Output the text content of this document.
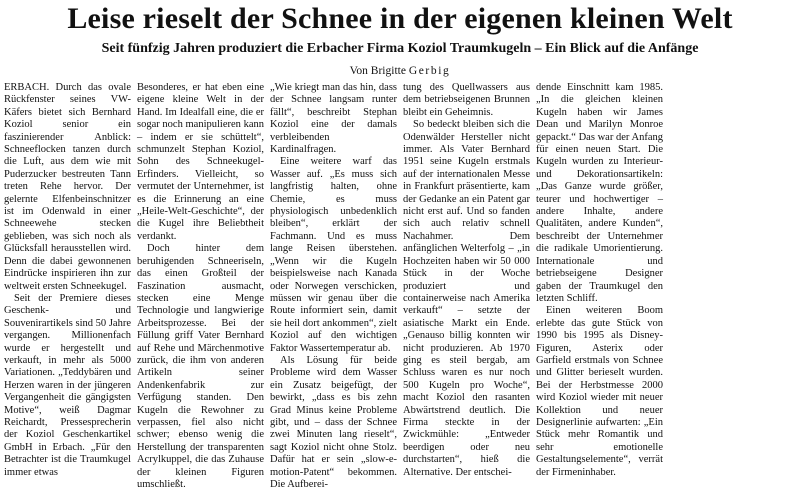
Leise rieselt der Schnee in der eigenen kleinen Welt
Seit fünfzig Jahren produziert die Erbacher Firma Koziol Traumkugeln – Ein Blick auf die Anfänge
Von Brigitte Gerbig

ERBACH. Durch das ovale Rückfenster seines VW-Käfers bietet sich Bernhard Koziol senior ein faszinierender Anblick: Schneeflocken tanzen durch die Luft, aus dem wie mit Puderzucker bestreuten Tann treten Rehe hervor. Der gelernte Elfenbeinschnitzer ist im Odenwald in einer Schneewehe stecken geblieben, was sich noch als Glücksfall herausstellen wird. Denn die dabei gewonnenen Eindrücke inspirieren ihn zur weltweit ersten Schneekugel.

Seit der Premiere dieses Geschenk- und Souvenirartikels sind 50 Jahre vergangen. Millionenfach wurde er hergestellt und verkauft, in mehr als 5000 Variationen. „Teddybären und Herzen waren in der jüngeren Vergangenheit die gängigsten Motive“, weiß Dagmar Reichardt, Pressesprecherin der Koziol Geschenkartikel GmbH in Erbach. „Für den Betrachter ist die Traumkugel immer etwas

Besonderes, er hat eben eine eigene kleine Welt in der Hand. Im Idealfall eine, die er sogar noch manipulieren kann – indem er sie schüttelt“, schmunzelt Stephan Koziol, Sohn des Schneekugel-Erfinders. Vielleicht, so vermutet der Unternehmer, ist es die Erinnerung an eine „Heile-Welt-Geschichte“, der die Kugel ihre Beliebtheit verdankt.

Doch hinter dem beruhigenden Schneeriseln, das einen Großteil der Faszination ausmacht, stecken eine Menge Technologie und langwierige Arbeitsprozesse. Bei der Füllung griff Vater Bernhard auf Rehe und Märchenmotive zurück, die ihm von anderen Artikeln seiner Andenkenfabrik zur Verfügung standen. Den Kugeln die Rewohner zu verpassen, fiel also nicht schwer; ebenso wenig die Herstellung der transparenten Acrylkuppel, die das Zuhause der kleinen Figuren umschließt.

„Wie kriegt man das hin, dass der Schnee langsam runter fällt“, beschreibt Stephan Koziol eine der damals verbleibenden Kardinalfragen.

Eine weitere warf das Wasser auf. „Es muss sich langfristig halten, ohne Chemie, es muss physiologisch unbedenklich bleiben“, erklärt der Fachmann. Und es muss lange Reisen überstehen. „Wenn wir die Kugeln beispielsweise nach Kanada oder Norwegen verschicken, müssen wir genau über die Route informiert sein, damit sie heil dort ankommen“, zielt Koziol auf den wichtigen Faktor Wassertemperatur ab.

Als Lösung für beide Probleme wird dem Wasser ein Zusatz beigefügt, der bewirkt, „dass es bis zehn Grad Minus keine Probleme gibt, und – dass der Schnee zwei Minuten lang rieselt“, sagt Koziol nicht ohne Stolz. Dafür hat er sein „slow-e-motion-Patent“ bekommen. Die Aufberei-

tung des Quellwassers aus dem betriebseigenen Brunnen bleibt ein Geheimnis.

So bedeckt bleiben sich die Odenwälder Hersteller nicht immer. Als Vater Bernhard 1951 seine Kugeln erstmals auf der internationalen Messe in Frankfurt präsentierte, kam der Gedanke an ein Patent gar nicht erst auf. Und so fanden sich auch relativ schnell Nachahmer. Dem anfänglichen Welterfolg – „in Hochzeiten haben wir 50 000 Stück in der Woche produziert und containerweise nach Amerika verkauft“ – setzte der asiatische Markt ein Ende. „Genauso billig konnten wir nicht produzieren. Ab 1970 ging es steil bergab, am Schluss waren es nur noch 500 Kugeln pro Woche“, macht Koziol den rasanten Abwärtstrend deutlich. Die Firma steckte in der Zwickmühle: „Entweder beerdigen oder neu durchstarten“, hieß die Alternative. Der entschei-

dende Einschnitt kam 1985. „In die gleichen kleinen Kugeln haben wir James Dean und Marilyn Monroe gepackt.“ Das war der Anfang für einen neuen Start. Die Kugeln wurden zu Interieur- und Dekorationsartikeln: „Das Ganze wurde größer, teurer und hochwertiger – andere Inhalte, andere Qualitäten, andere Kunden“, beschreibt der Unternehmer die radikale Umorientierung. Internationale und betriebseigene Designer gaben der Traumkugel den letzten Schliff.

Einen weiteren Boom erlebte das gute Stück von 1990 bis 1995 als Disney-Figuren, Asterix oder Garfield erstmals von Schnee und Glitter berieselt wurden. Bei der Herbstmesse 2000 wird Koziol wieder mit neuer Kollektion und neuer Designerlinie aufwarten: „Ein Stück mehr Romantik und sehr emotionelle Gestaltungselemente“, verrät der Firmeninhaber.
